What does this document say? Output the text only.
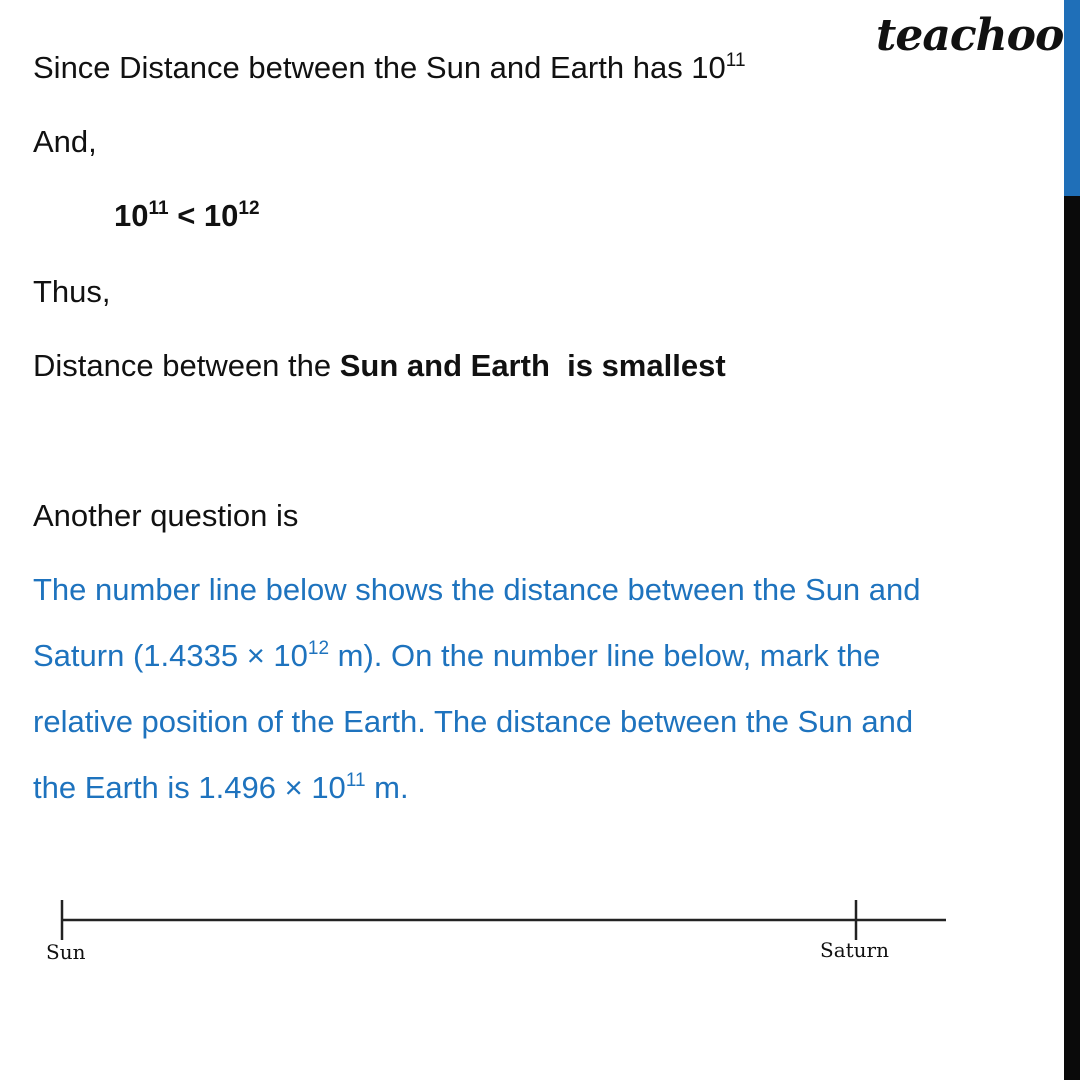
teachoo
Since Distance between the Sun and Earth has $10^{11}$
And,
$10^{11} < 10^{12}$
Thus,
Distance between the Sun and Earth  is smallest
Another question is
The number line below shows the distance between the Sun and
Saturn ($1.4335 \times 10^{12}$ m). On the number line below, mark the
relative position of the Earth. The distance between the Sun and
the Earth is $1.496 \times 10^{11}$ m.
Sun	Saturn
